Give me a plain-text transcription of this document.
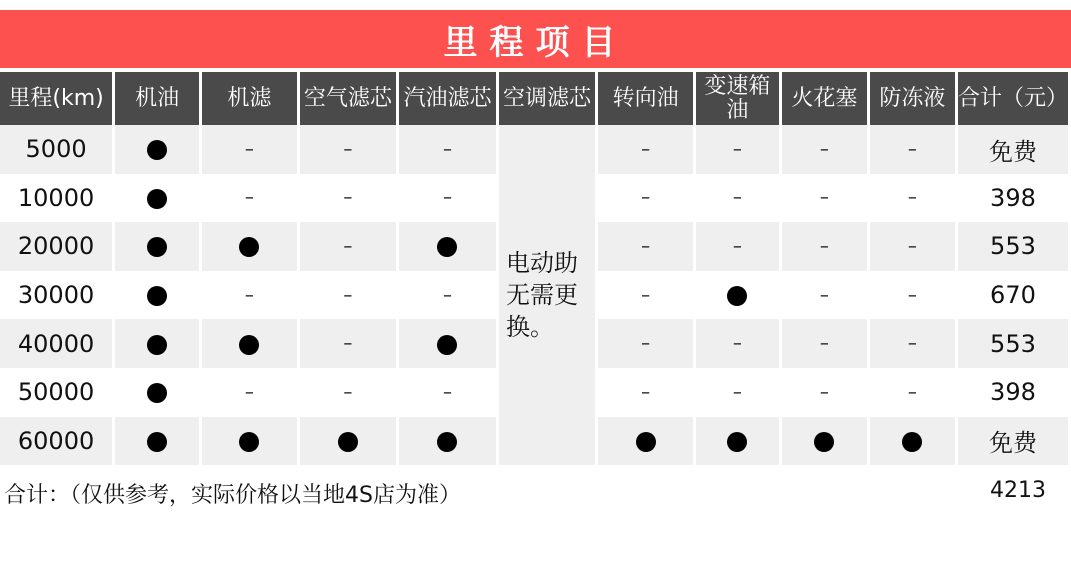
里程项目
里程(km)	机油	机滤	空气滤芯	汽油滤芯	空调滤芯	转向油	变速箱油	火花塞	防冻液	合计（元）
5000		–	–	–	电动助无需更换。	–	–	–	–	免费
10000		–	–	–		–	–	–	–	398
20000			–			–	–	–	–	553
30000		–	–	–		–		–	–	670
40000			–			–	–	–	–	553
50000		–	–	–		–	–	–	–	398
60000										免费
合计：（仅供参考，实际价格以当地4S店为准）	4213
